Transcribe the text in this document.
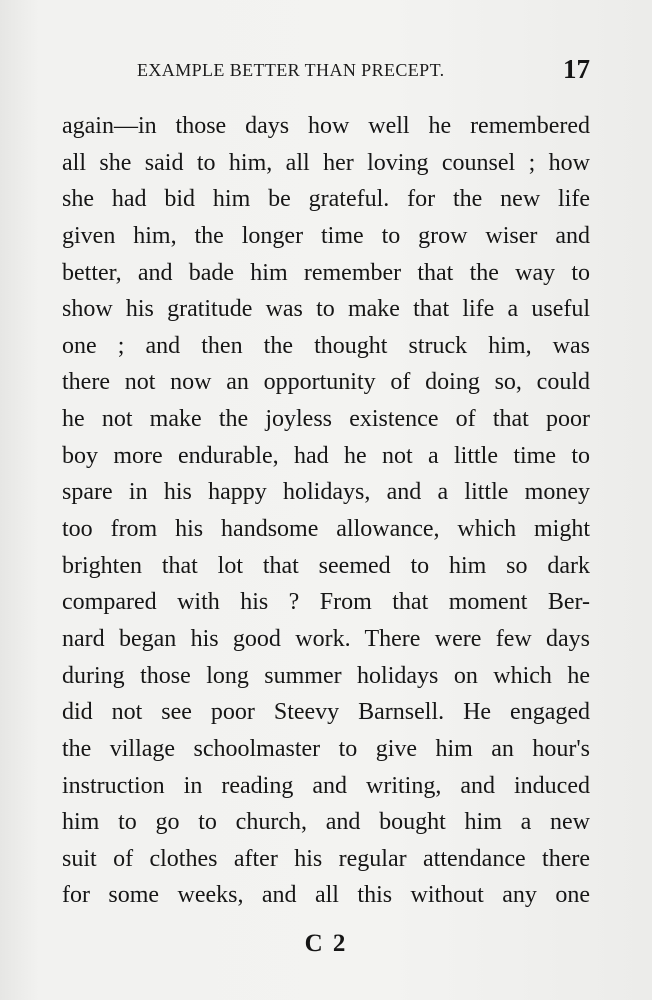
EXAMPLE BETTER THAN PRECEPT.	17
again—in those days how well he remembered
all she said to him, all her loving counsel ; how
she had bid him be grateful. for the new life
given him, the longer time to grow wiser and
better, and bade him remember that the way to
show his gratitude was to make that life a useful
one ; and then the thought struck him, was
there not now an opportunity of doing so, could
he not make the joyless existence of that poor
boy more endurable, had he not a little time to
spare in his happy holidays, and a little money
too from his handsome allowance, which might
brighten that lot that seemed to him so dark
compared with his ? From that moment Ber-
nard began his good work. There were few days
during those long summer holidays on which he
did not see poor Steevy Barnsell. He engaged
the village schoolmaster to give him an hour's
instruction in reading and writing, and induced
him to go to church, and bought him a new
suit of clothes after his regular attendance there
for some weeks, and all this without any one
C 2
